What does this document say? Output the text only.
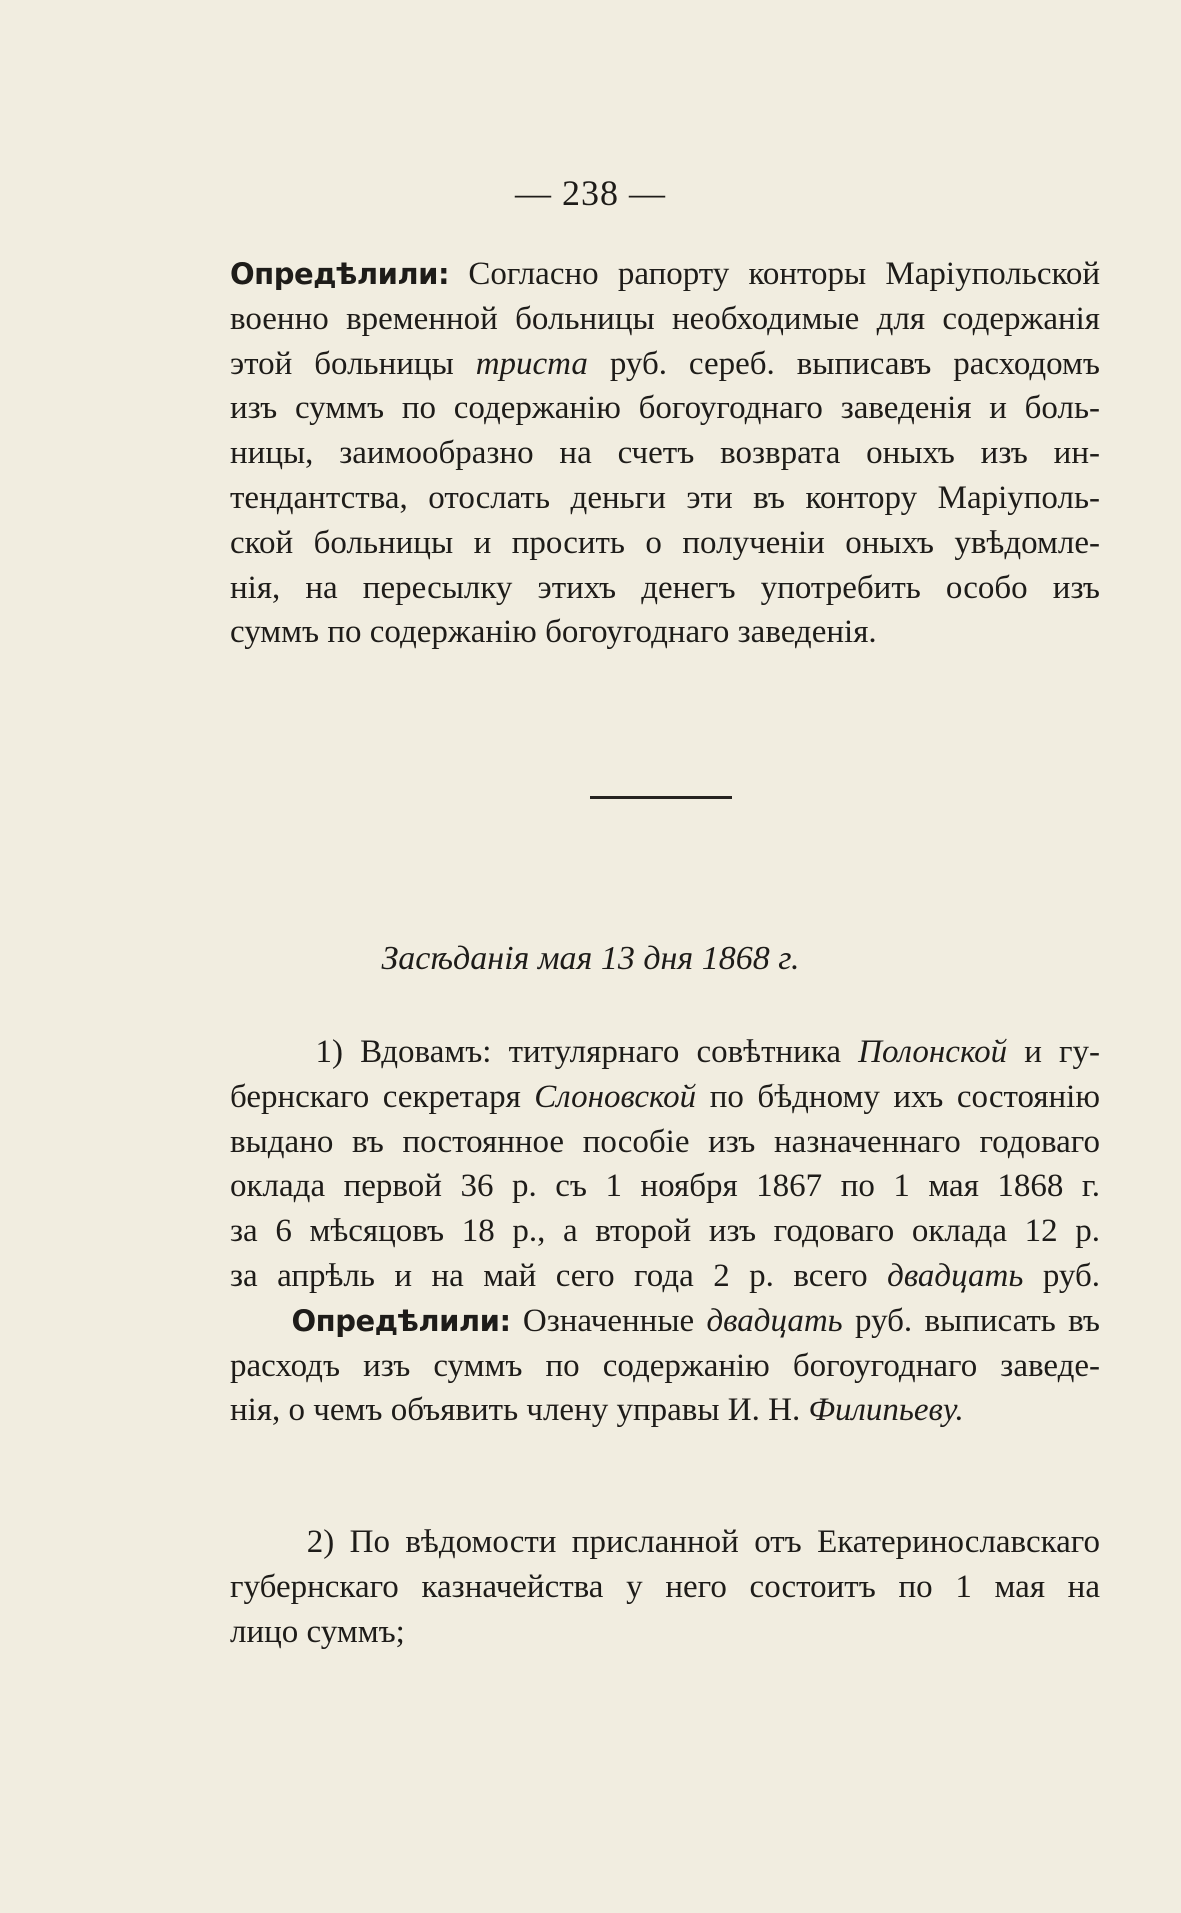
— 238 —
Опредѣлили: Согласно рапорту конторы Маріупольской
военно временной больницы необходимые для содержанія
этой больницы триста руб. сереб. выписавъ расходомъ
изъ суммъ по содержанію богоугоднаго заведенія и боль-
ницы, заимообразно на счетъ возврата оныхъ изъ ин-
тендантства, отослать деньги эти въ контору Маріуполь-
ской больницы и просить о полученіи оныхъ увѣдомле-
нія, на пересылку этихъ денегъ употребить особо изъ
суммъ по содержанію богоугоднаго заведенія.
Засѣданія мая 13 дня 1868 г.
1) Вдовамъ: титулярнаго совѣтника Полонской и гу-
бернскаго секретаря Слоновской по бѣдному ихъ состоянію
выдано въ постоянное пособіе изъ назначеннаго годоваго
оклада первой 36 р. съ 1 ноября 1867 по 1 мая 1868 г.
за 6 мѣсяцовъ 18 р., а второй изъ годоваго оклада 12 р.
за апрѣль и на май сего года 2 р. всего двадцать руб.
Опредѣлили: Означенные двадцать руб. выписать въ
расходъ изъ суммъ по содержанію богоугоднаго заведе-
нія, о чемъ объявить члену управы И. Н. Филипьеву.
2) По вѣдомости присланной отъ Екатеринославскаго
губернскаго казначейства у него состоитъ по 1 мая на
лицо суммъ;
